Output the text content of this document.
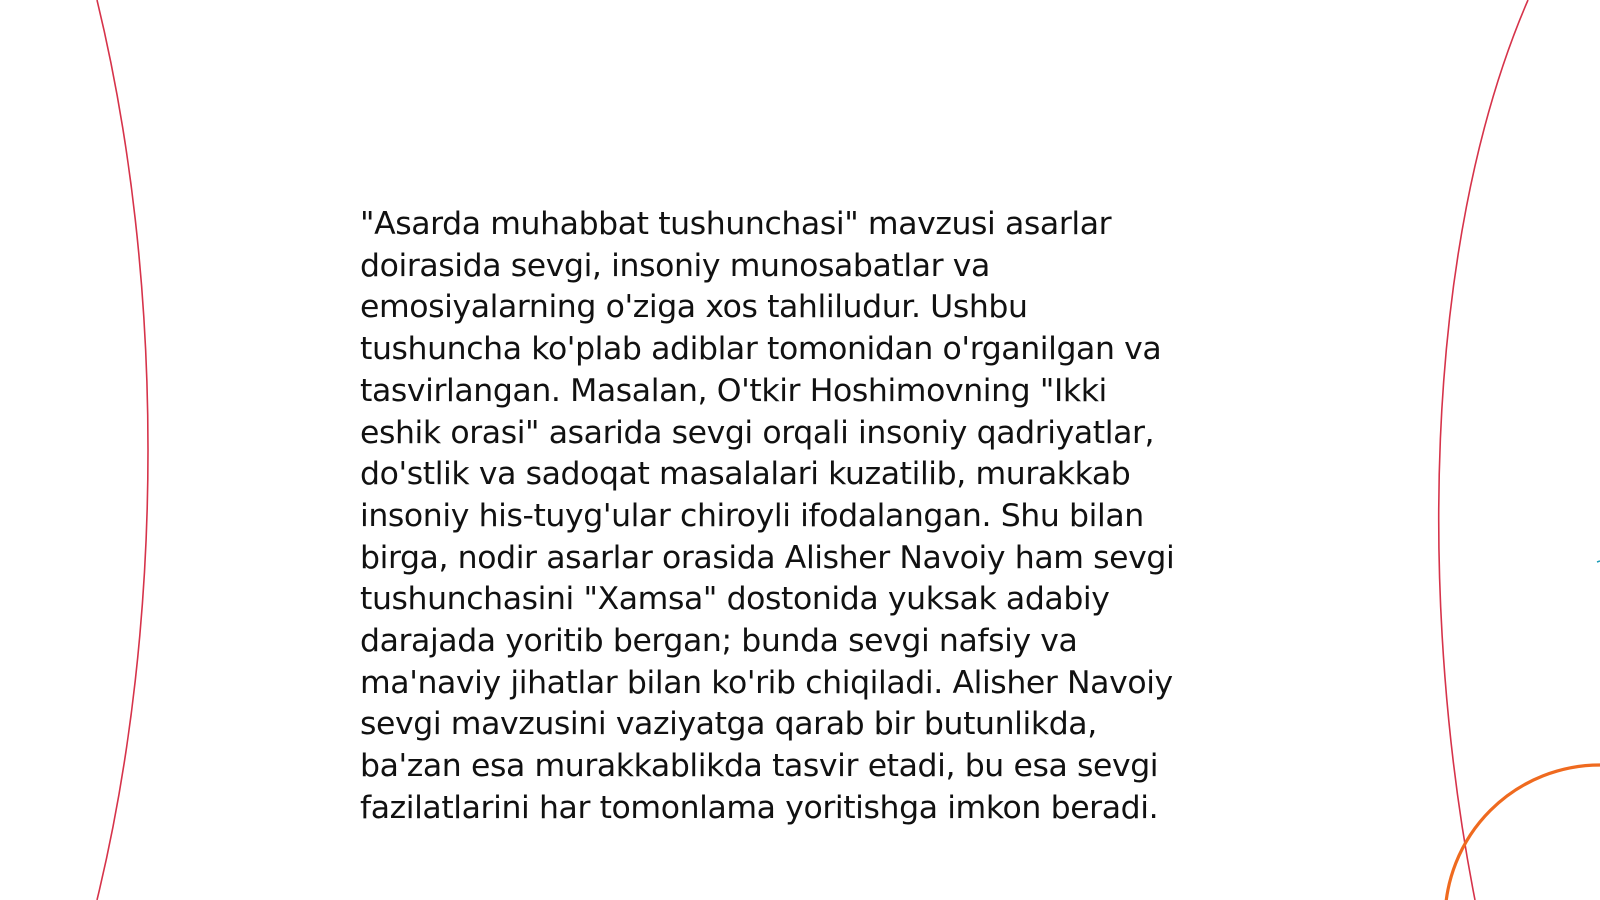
"Asarda muhabbat tushunchasi" mavzusi asarlar
doirasida sevgi, insoniy munosabatlar va
emosiyalarning o'ziga xos tahliludur. Ushbu
tushuncha ko'plab adiblar tomonidan o'rganilgan va
tasvirlangan. Masalan, O'tkir Hoshimovning "Ikki
eshik orasi" asarida sevgi orqali insoniy qadriyatlar,
do'stlik va sadoqat masalalari kuzatilib, murakkab
insoniy his-tuyg'ular chiroyli ifodalangan. Shu bilan
birga, nodir asarlar orasida Alisher Navoiy ham sevgi
tushunchasini "Xamsa" dostonida yuksak adabiy
darajada yoritib bergan; bunda sevgi nafsiy va
ma'naviy jihatlar bilan ko'rib chiqiladi. Alisher Navoiy
sevgi mavzusini vaziyatga qarab bir butunlikda,
ba'zan esa murakkablikda tasvir etadi, bu esa sevgi
fazilatlarini har tomonlama yoritishga imkon beradi.
